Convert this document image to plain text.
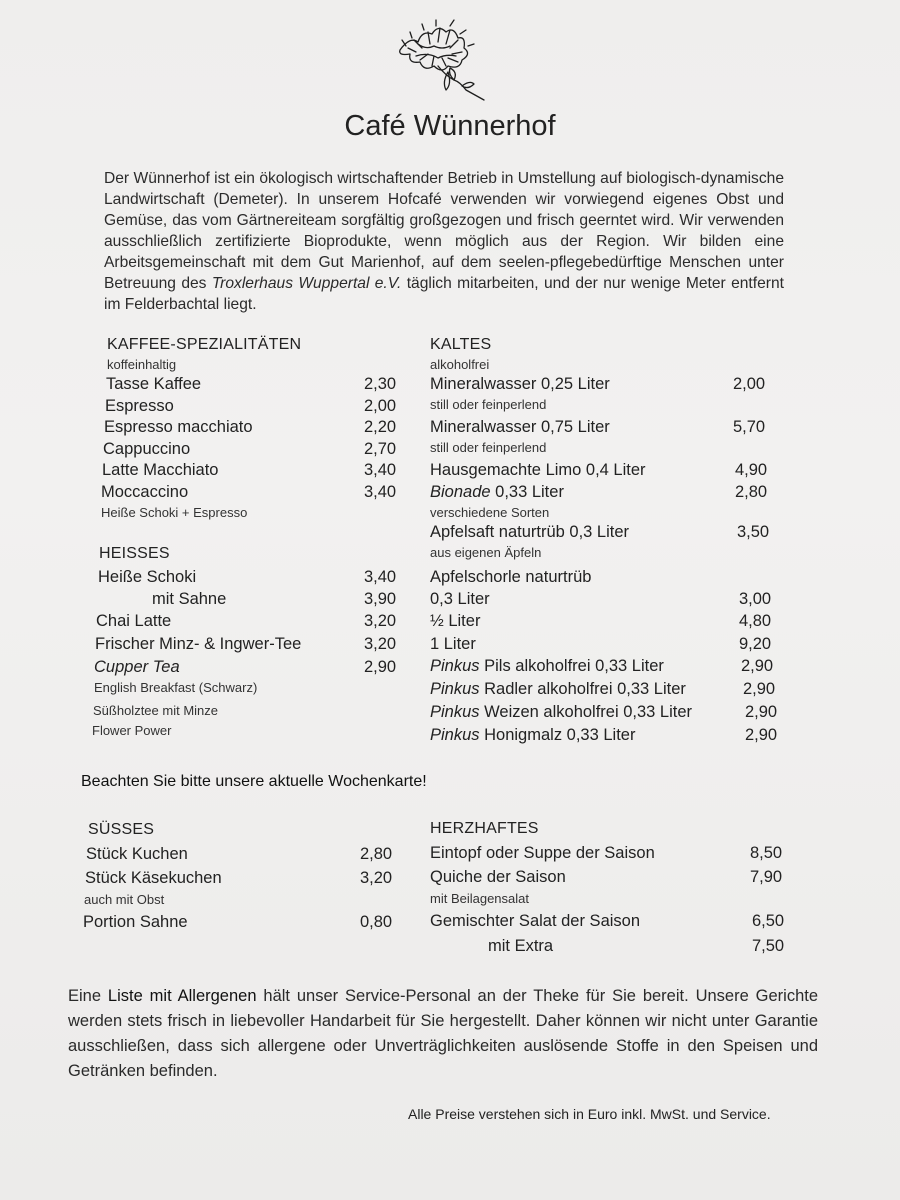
Café Wünnerhof
Der Wünnerhof ist ein ökologisch wirtschaftender Betrieb in Umstellung auf biologisch-dynamische Landwirtschaft (Demeter). In unserem Hofcafé verwenden wir vorwiegend eigenes Obst und Gemüse, das vom Gärtnereiteam sorgfältig großgezogen und frisch geerntet wird. Wir verwenden ausschließlich zertifizierte Bioprodukte, wenn möglich aus der Region. Wir bilden eine Arbeitsgemeinschaft mit dem Gut Marienhof, auf dem seelen-pflegebedürftige Menschen unter Betreuung des Troxlerhaus Wuppertal e.V. täglich mitarbeiten, und der nur wenige Meter entfernt im Felderbachtal liegt.
KAFFEE-SPEZIALITÄTEN
koffeinhaltig
Tasse Kaffee	2,30
Espresso	2,00
Espresso macchiato	2,20
Cappuccino	2,70
Latte Macchiato	3,40
Moccaccino	3,40
Heiße Schoki + Espresso
HEISSES
Heiße Schoki	3,40
mit Sahne	3,90
Chai Latte	3,20
Frischer Minz- & Ingwer-Tee	3,20
Cupper Tea	2,90
English Breakfast (Schwarz)
Süßholztee mit Minze
Flower Power
KALTES
alkoholfrei
Mineralwasser 0,25 Liter	2,00
still oder feinperlend
Mineralwasser 0,75 Liter	5,70
still oder feinperlend
Hausgemachte Limo 0,4 Liter	4,90
Bionade 0,33 Liter	2,80
verschiedene Sorten
Apfelsaft naturtrüb 0,3 Liter	3,50
aus eigenen Äpfeln
Apfelschorle naturtrüb
0,3 Liter	3,00
½ Liter	4,80
1 Liter	9,20
Pinkus Pils alkoholfrei 0,33 Liter	2,90
Pinkus Radler alkoholfrei 0,33 Liter	2,90
Pinkus Weizen alkoholfrei 0,33 Liter	2,90
Pinkus Honigmalz 0,33 Liter	2,90
Beachten Sie bitte unsere aktuelle Wochenkarte!
SÜSSES
Stück Kuchen	2,80
Stück Käsekuchen	3,20
auch mit Obst
Portion Sahne	0,80
HERZHAFTES
Eintopf oder Suppe der Saison	8,50
Quiche der Saison	7,90
mit Beilagensalat
Gemischter Salat der Saison	6,50
mit Extra	7,50
Eine Liste mit Allergenen hält unser Service-Personal an der Theke für Sie bereit. Unsere Gerichte werden stets frisch in liebevoller Handarbeit für Sie hergestellt. Daher können wir nicht unter Garantie ausschließen, dass sich allergene oder Unverträglichkeiten auslösende Stoffe in den Speisen und Getränken befinden.
Alle Preise verstehen sich in Euro inkl. MwSt. und Service.
